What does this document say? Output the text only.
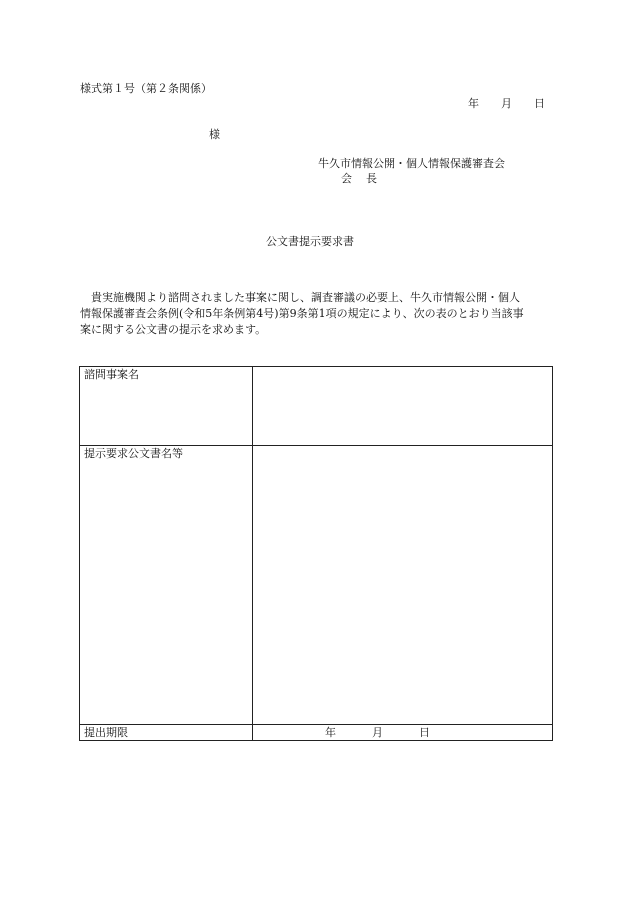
様式第１号（第２条関係）
年 月 日
様
牛久市情報公開・個人情報保護審査会
会 長
公文書提示要求書
　貴実施機関より諮問されました事案に関し、調査審議の必要上、牛久市情報公開・個人
情報保護審査会条例(令和5年条例第4号)第9条第1項の規定により、次の表のとおり当該事
案に関する公文書の提示を求めます。
諮問事案名	
提示要求公文書名等	
提出期限	年 月 日
